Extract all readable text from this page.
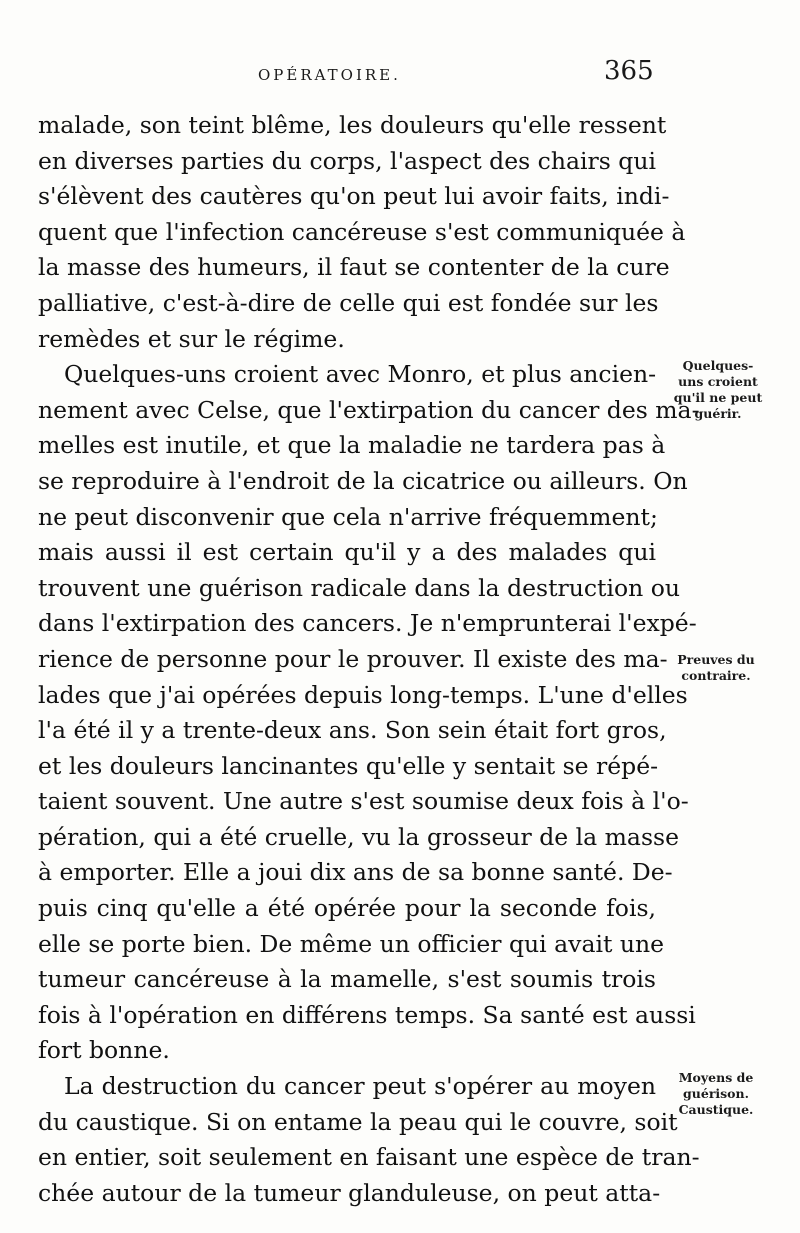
OPÉRATOIRE.	365
malade, son teint blême, les douleurs qu'elle ressent
en diverses parties du corps, l'aspect des chairs qui
s'élèvent des cautères qu'on peut lui avoir faits, indi-
quent que l'infection cancéreuse s'est communiquée à
la masse des humeurs, il faut se contenter de la cure
palliative, c'est-à-dire de celle qui est fondée sur les
remèdes et sur le régime.
Quelques-uns croient avec Monro, et plus ancien-
nement avec Celse, que l'extirpation du cancer des ma-
melles est inutile, et que la maladie ne tardera pas à
se reproduire à l'endroit de la cicatrice ou ailleurs. On
ne peut disconvenir que cela n'arrive fréquemment;
mais aussi il est certain qu'il y a des malades qui
trouvent une guérison radicale dans la destruction ou
dans l'extirpation des cancers. Je n'emprunterai l'expé-
rience de personne pour le prouver. Il existe des ma-
lades que j'ai opérées depuis long-temps. L'une d'elles
l'a été il y a trente-deux ans. Son sein était fort gros,
et les douleurs lancinantes qu'elle y sentait se répé-
taient souvent. Une autre s'est soumise deux fois à l'o-
pération, qui a été cruelle, vu la grosseur de la masse
à emporter. Elle a joui dix ans de sa bonne santé. De-
puis cinq qu'elle a été opérée pour la seconde fois,
elle se porte bien. De même un officier qui avait une
tumeur cancéreuse à la mamelle, s'est soumis trois
fois à l'opération en différens temps. Sa santé est aussi
fort bonne.
La destruction du cancer peut s'opérer au moyen
du caustique. Si on entame la peau qui le couvre, soit
en entier, soit seulement en faisant une espèce de tran-
chée autour de la tumeur glanduleuse, on peut atta-
Quelques-
uns croient
qu'il ne peut
guérir.
Preuves du
contraire.
Moyens de
guérison.
Caustique.
